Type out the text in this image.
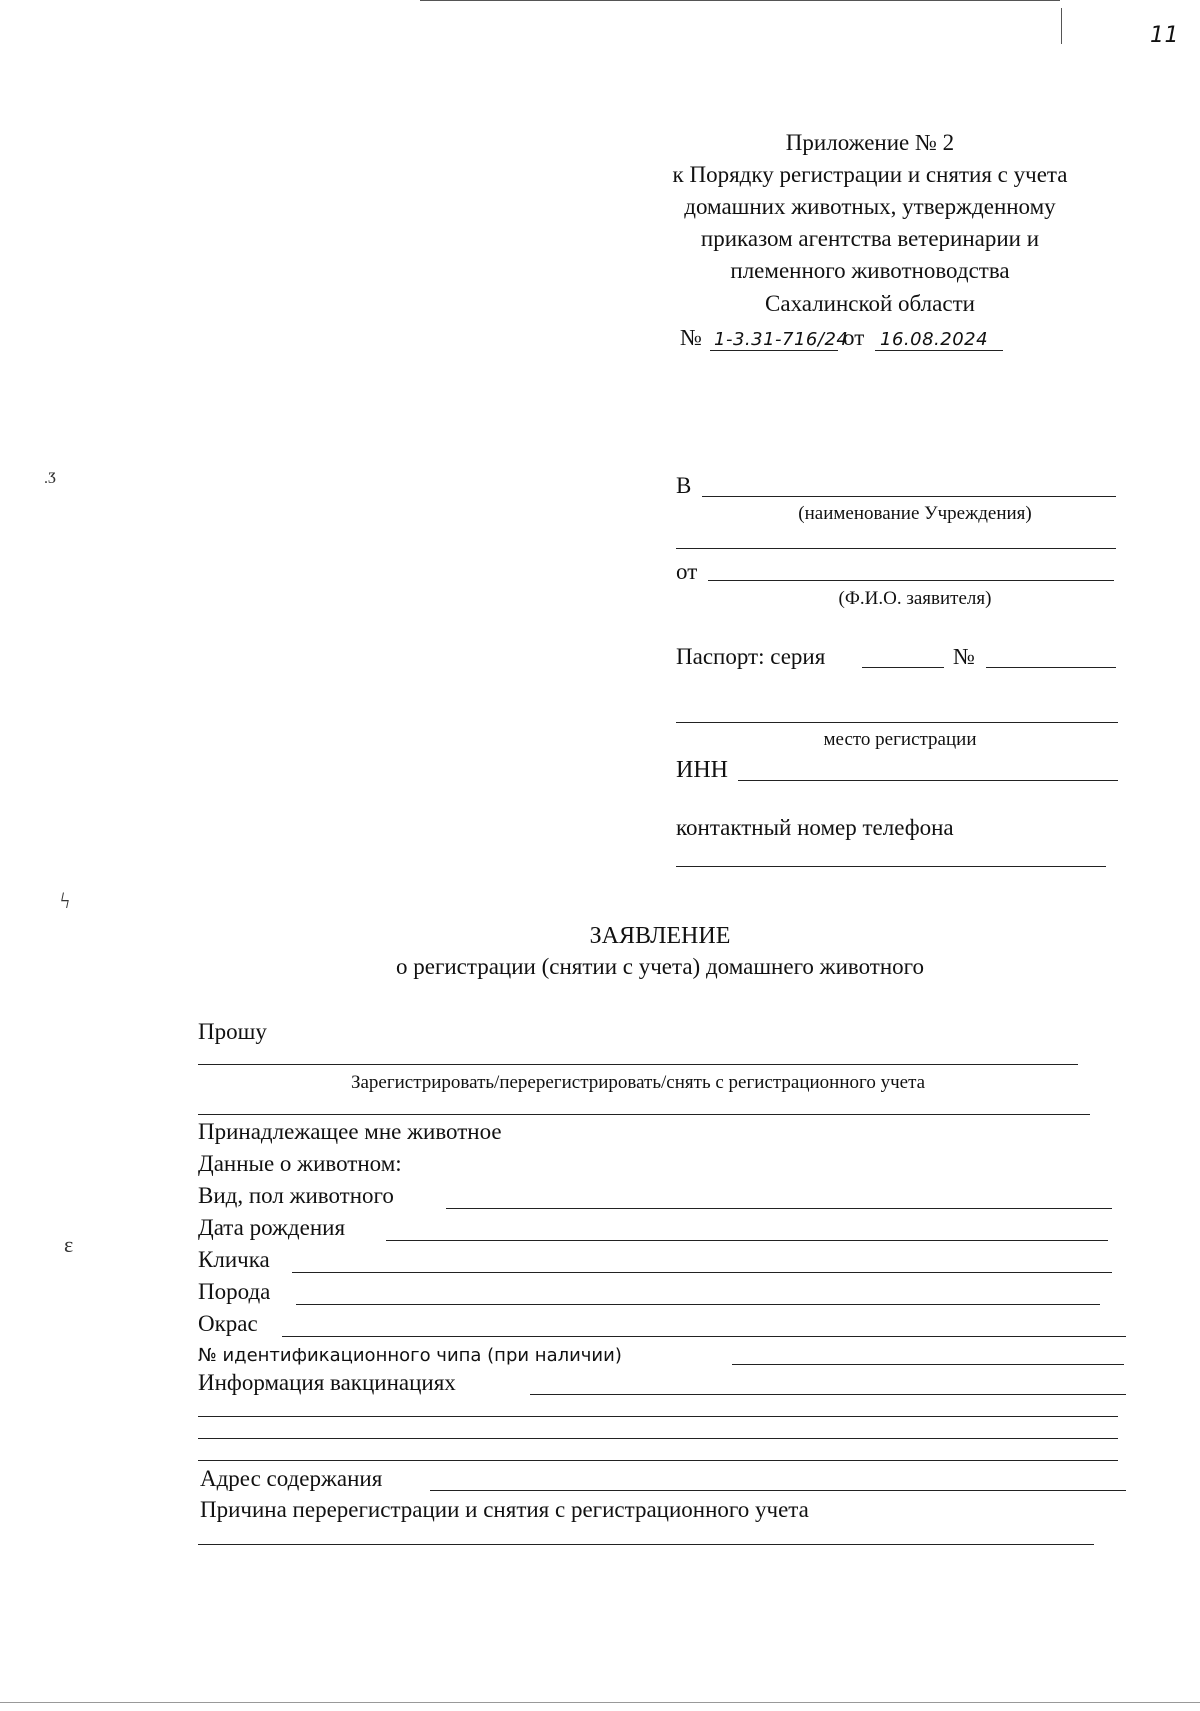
11
.Ӡ
ϟ
ɛ
Приложение № 2
к Порядку регистрации и снятия с учета
домашних животных, утвержденному
приказом агентства ветеринарии и
племенного животноводства
Сахалинской области
№ 1-3.31-716/24
от 16.08.2024
В
(наименование Учреждения)
от
(Ф.И.О. заявителя)
Паспорт: серия	№
место регистрации
ИНН
контактный номер телефона
ЗАЯВЛЕНИЕ
о регистрации (снятии с учета) домашнего животного
Прошу
Зарегистрировать/перерегистрировать/снять с регистрационного учета
Принадлежащее мне животное
Данные о животном:
Вид, пол животного
Дата рождения
Кличка
Порода
Окрас
№ идентификационного чипа (при наличии)
Информация вакцинациях
Адрес содержания
Причина перерегистрации и снятия с регистрационного учета
